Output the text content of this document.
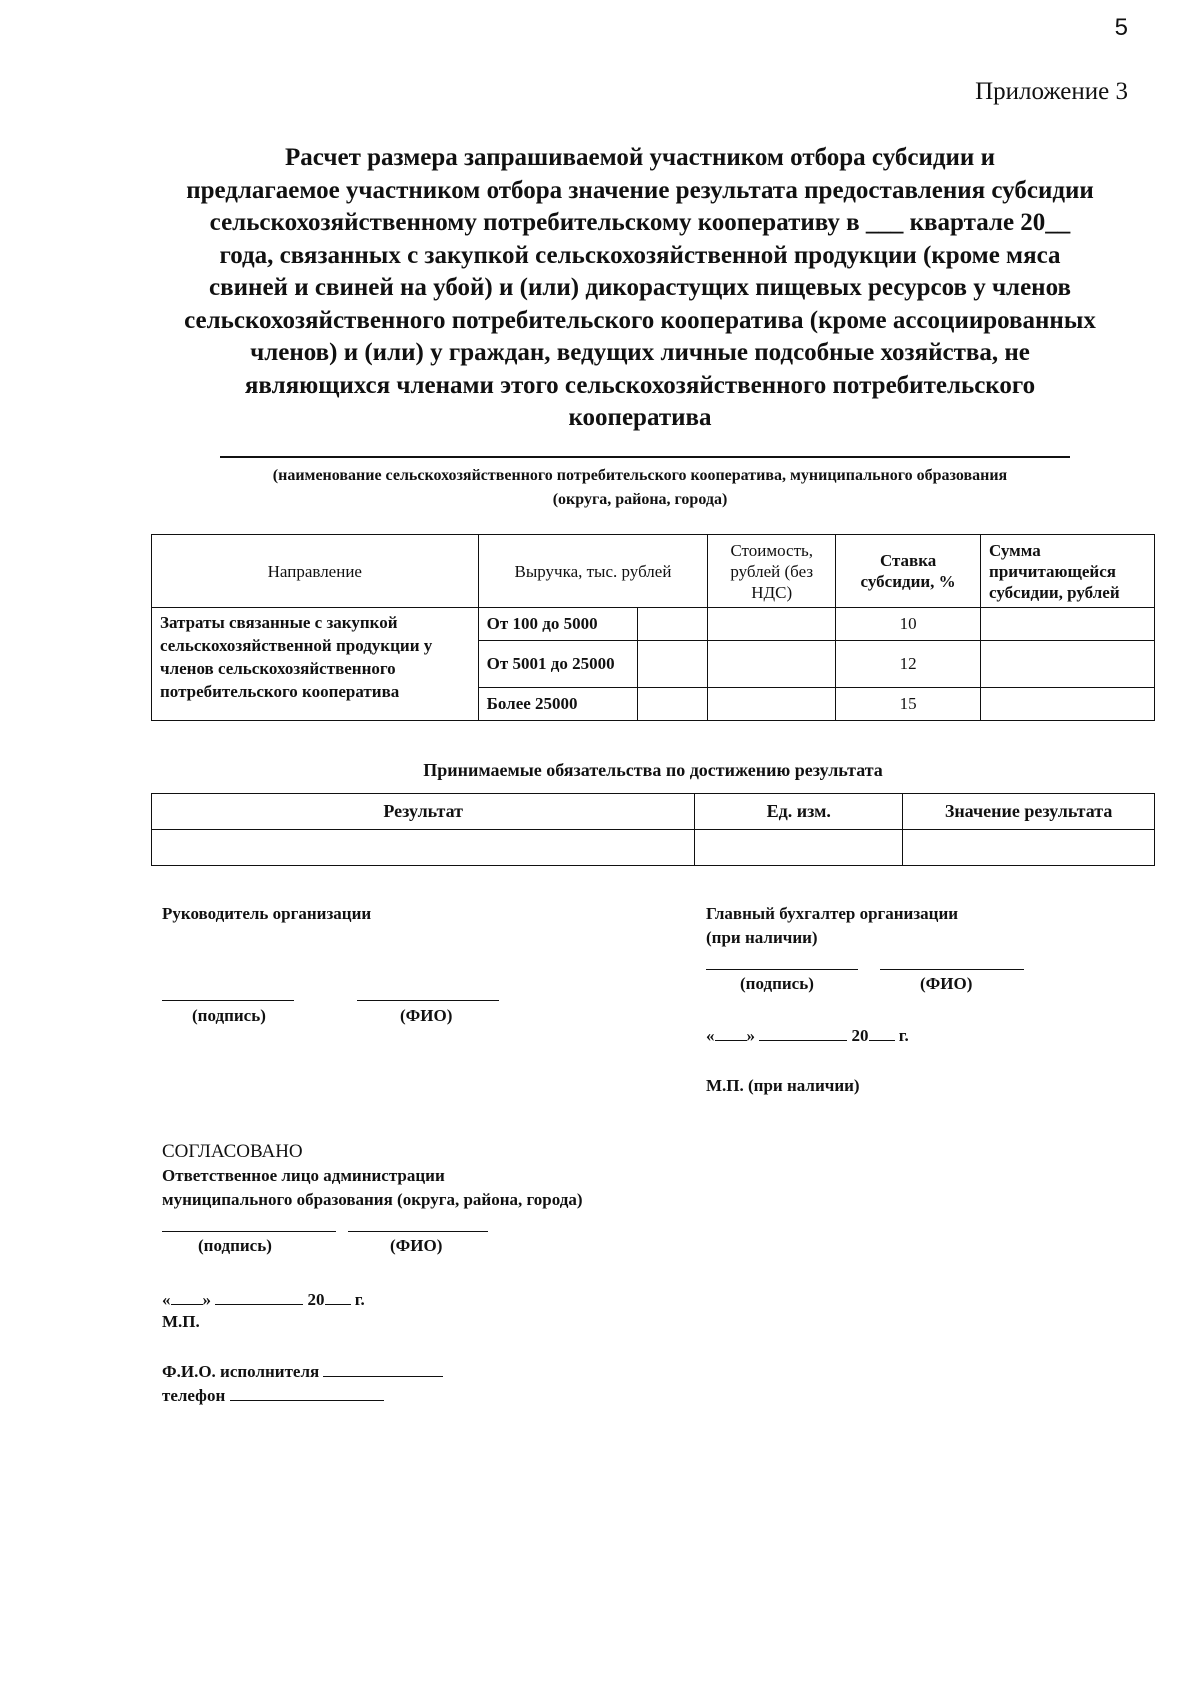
5
Приложение 3
Расчет размера запрашиваемой участником отбора субсидии и
предлагаемое участником отбора значение результата предоставления субсидии
сельскохозяйственному потребительскому кооперативу в ___ квартале 20__
года, связанных с закупкой сельскохозяйственной продукции (кроме мяса
свиней и свиней на убой) и (или) дикорастущих пищевых ресурсов у членов
сельскохозяйственного потребительского кооператива (кроме ассоциированных
членов) и (или) у граждан, ведущих личные подсобные хозяйства, не
являющихся членами этого сельскохозяйственного потребительского
кооператива
(наименование сельскохозяйственного потребительского кооператива, муниципального образования
(округа, района, города)
Направление	Выручка, тыс. рублей		Стоимость, рублей (без НДС)	Ставка субсидии, %	Сумма причитающейся субсидии, рублей
Затраты связанные с закупкой сельскохозяйственной продукции у членов сельскохозяйственного потребительского кооператива	От 100 до 5000			10	
	От 5001 до 25000			12	
	Более 25000			15	
Принимаемые обязательства по достижению результата
Результат	Ед. изм.	Значение результата

Руководитель организации
(подпись)	(ФИО)
Главный бухгалтер организации
(при наличии)
(подпись)	(ФИО)
« »	20 г.
М.П. (при наличии)
СОГЛАСОВАНО
Ответственное лицо администрации
муниципального образования (округа, района, города)
(подпись)	(ФИО)
« »	20 г.
М.П.
Ф.И.О. исполнителя
телефон
